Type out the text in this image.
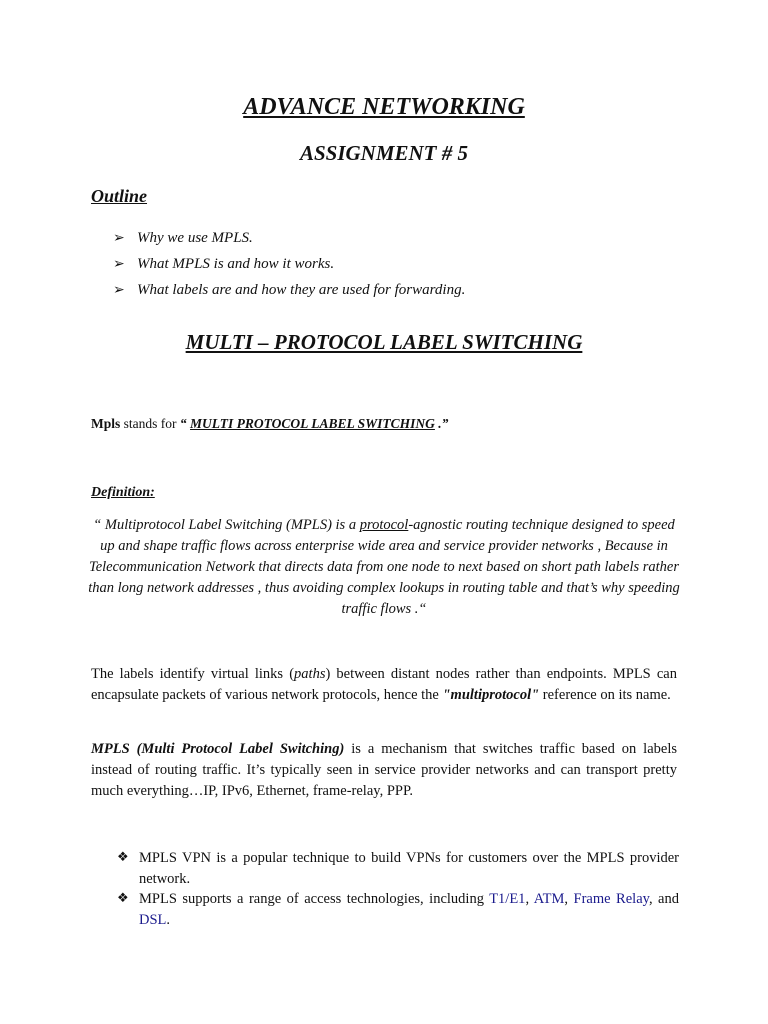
ADVANCE NETWORKING
ASSIGNMENT # 5
Outline
➢ Why we use MPLS.
➢ What MPLS is and how it works.
➢ What labels are and how they are used for forwarding.
MULTI – PROTOCOL LABEL SWITCHING
Mpls stands for “ MULTI PROTOCOL LABEL SWITCHING .”
Definition:
“ Multiprotocol Label Switching (MPLS) is a protocol-agnostic routing technique designed to speed up and shape traffic flows across enterprise wide area and service provider networks , Because in Telecommunication Network that directs data from one node to next based on short path labels rather than long network addresses , thus avoiding complex lookups in routing table and that’s why speeding traffic flows .“
The labels identify virtual links (paths) between distant nodes rather than endpoints. MPLS can encapsulate packets of various network protocols, hence the "multiprotocol" reference on its name.
MPLS (Multi Protocol Label Switching) is a mechanism that switches traffic based on labels instead of routing traffic. It’s typically seen in service provider networks and can transport pretty much everything…IP, IPv6, Ethernet, frame-relay, PPP.
❖ MPLS VPN is a popular technique to build VPNs for customers over the MPLS provider network.
❖ MPLS supports a range of access technologies, including T1/E1, ATM, Frame Relay, and DSL.
